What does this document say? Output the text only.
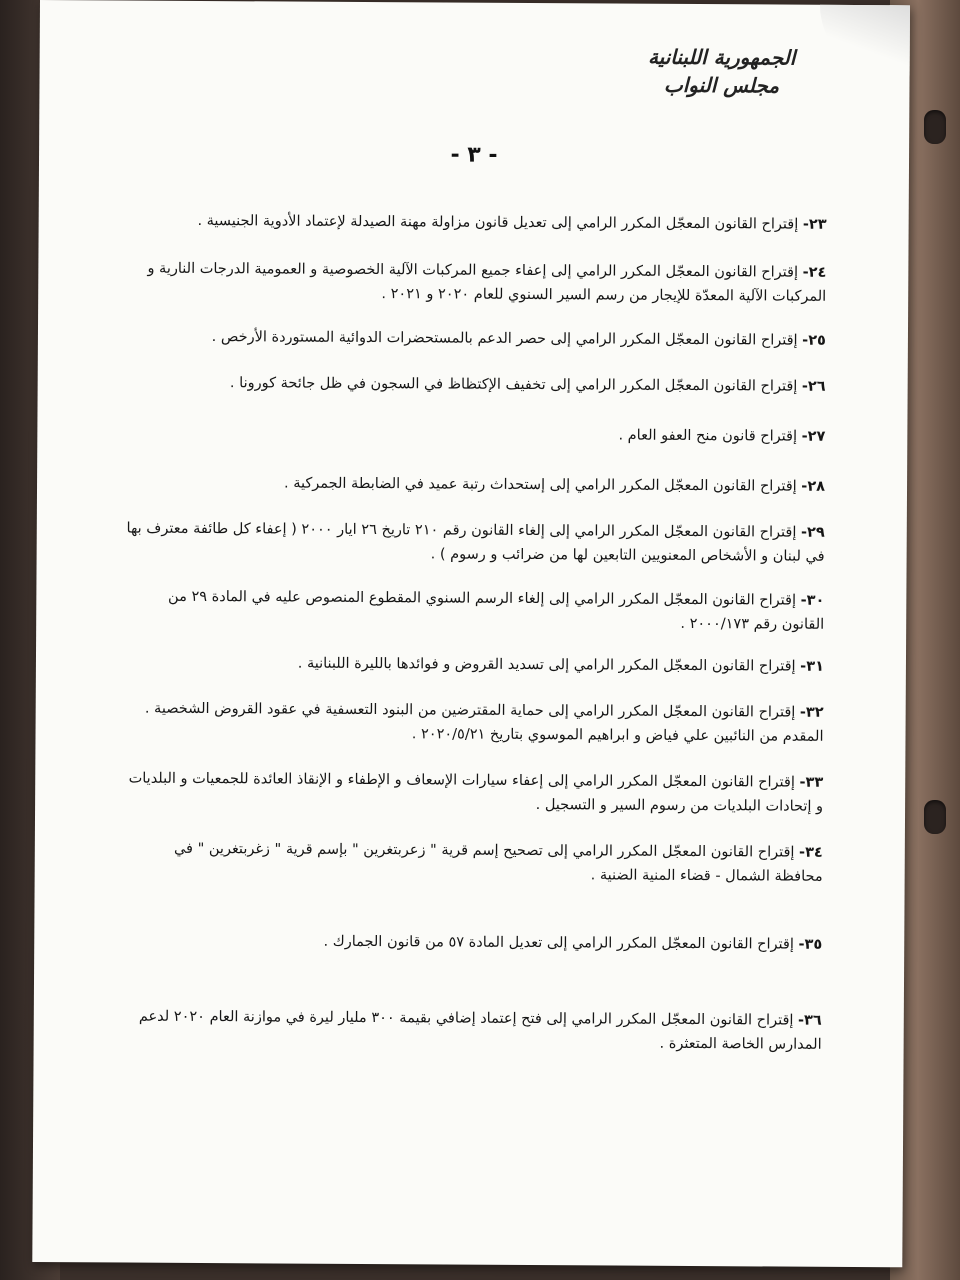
الجمهورية اللبنانية
مجلس النواب
- ٣ -
٢٣- إقتراح القانون المعجّل المكرر الرامي إلى تعديل قانون مزاولة مهنة الصيدلة لإعتماد الأدوية الجنيسية .
٢٤- إقتراح القانون المعجّل المكرر الرامي إلى إعفاء جميع المركبات الآلية الخصوصية و العمومية الدرجات النارية و المركبات الآلية المعدّة للإيجار من رسم السير السنوي للعام ٢٠٢٠ و ٢٠٢١ .
٢٥- إقتراح القانون المعجّل المكرر الرامي إلى حصر الدعم بالمستحضرات الدوائية المستوردة الأرخص .
٢٦- إقتراح القانون المعجّل المكرر الرامي إلى تخفيف الإكتظاظ في السجون في ظل جائحة كورونا .
٢٧- إقتراح قانون منح العفو العام .
٢٨- إقتراح القانون المعجّل المكرر الرامي إلى إستحداث رتبة عميد في الضابطة الجمركية .
٢٩- إقتراح القانون المعجّل المكرر الرامي إلى إلغاء القانون رقم ٢١٠ تاريخ ٢٦ ايار ٢٠٠٠ ( إعفاء كل طائفة معترف بها في لبنان و الأشخاص المعنويين التابعين لها من ضرائب و رسوم ) .
٣٠- إقتراح القانون المعجّل المكرر الرامي إلى إلغاء الرسم السنوي المقطوع المنصوص عليه في المادة ٢٩ من القانون رقم ٢٠٠٠/١٧٣ .
٣١- إقتراح القانون المعجّل المكرر الرامي إلى تسديد القروض و فوائدها بالليرة اللبنانية .
٣٢- إقتراح القانون المعجّل المكرر الرامي إلى حماية المقترضين من البنود التعسفية في عقود القروض الشخصية . المقدم من النائبين علي فياض و ابراهيم الموسوي بتاريخ ٢٠٢٠/٥/٢١ .
٣٣- إقتراح القانون المعجّل المكرر الرامي إلى إعفاء سيارات الإسعاف و الإطفاء و الإنقاذ العائدة للجمعيات و البلديات و إتحادات البلديات من رسوم السير و التسجيل .
٣٤- إقتراح القانون المعجّل المكرر الرامي إلى تصحيح إسم قرية " زعربتغرين " بإسم قرية " زغربتغرين " في محافظة الشمال - قضاء المنية الضنية .
٣٥- إقتراح القانون المعجّل المكرر الرامي إلى تعديل المادة ٥٧ من قانون الجمارك .
٣٦- إقتراح القانون المعجّل المكرر الرامي إلى فتح إعتماد إضافي بقيمة ٣٠٠ مليار ليرة في موازنة العام ٢٠٢٠ لدعم المدارس الخاصة المتعثرة .
